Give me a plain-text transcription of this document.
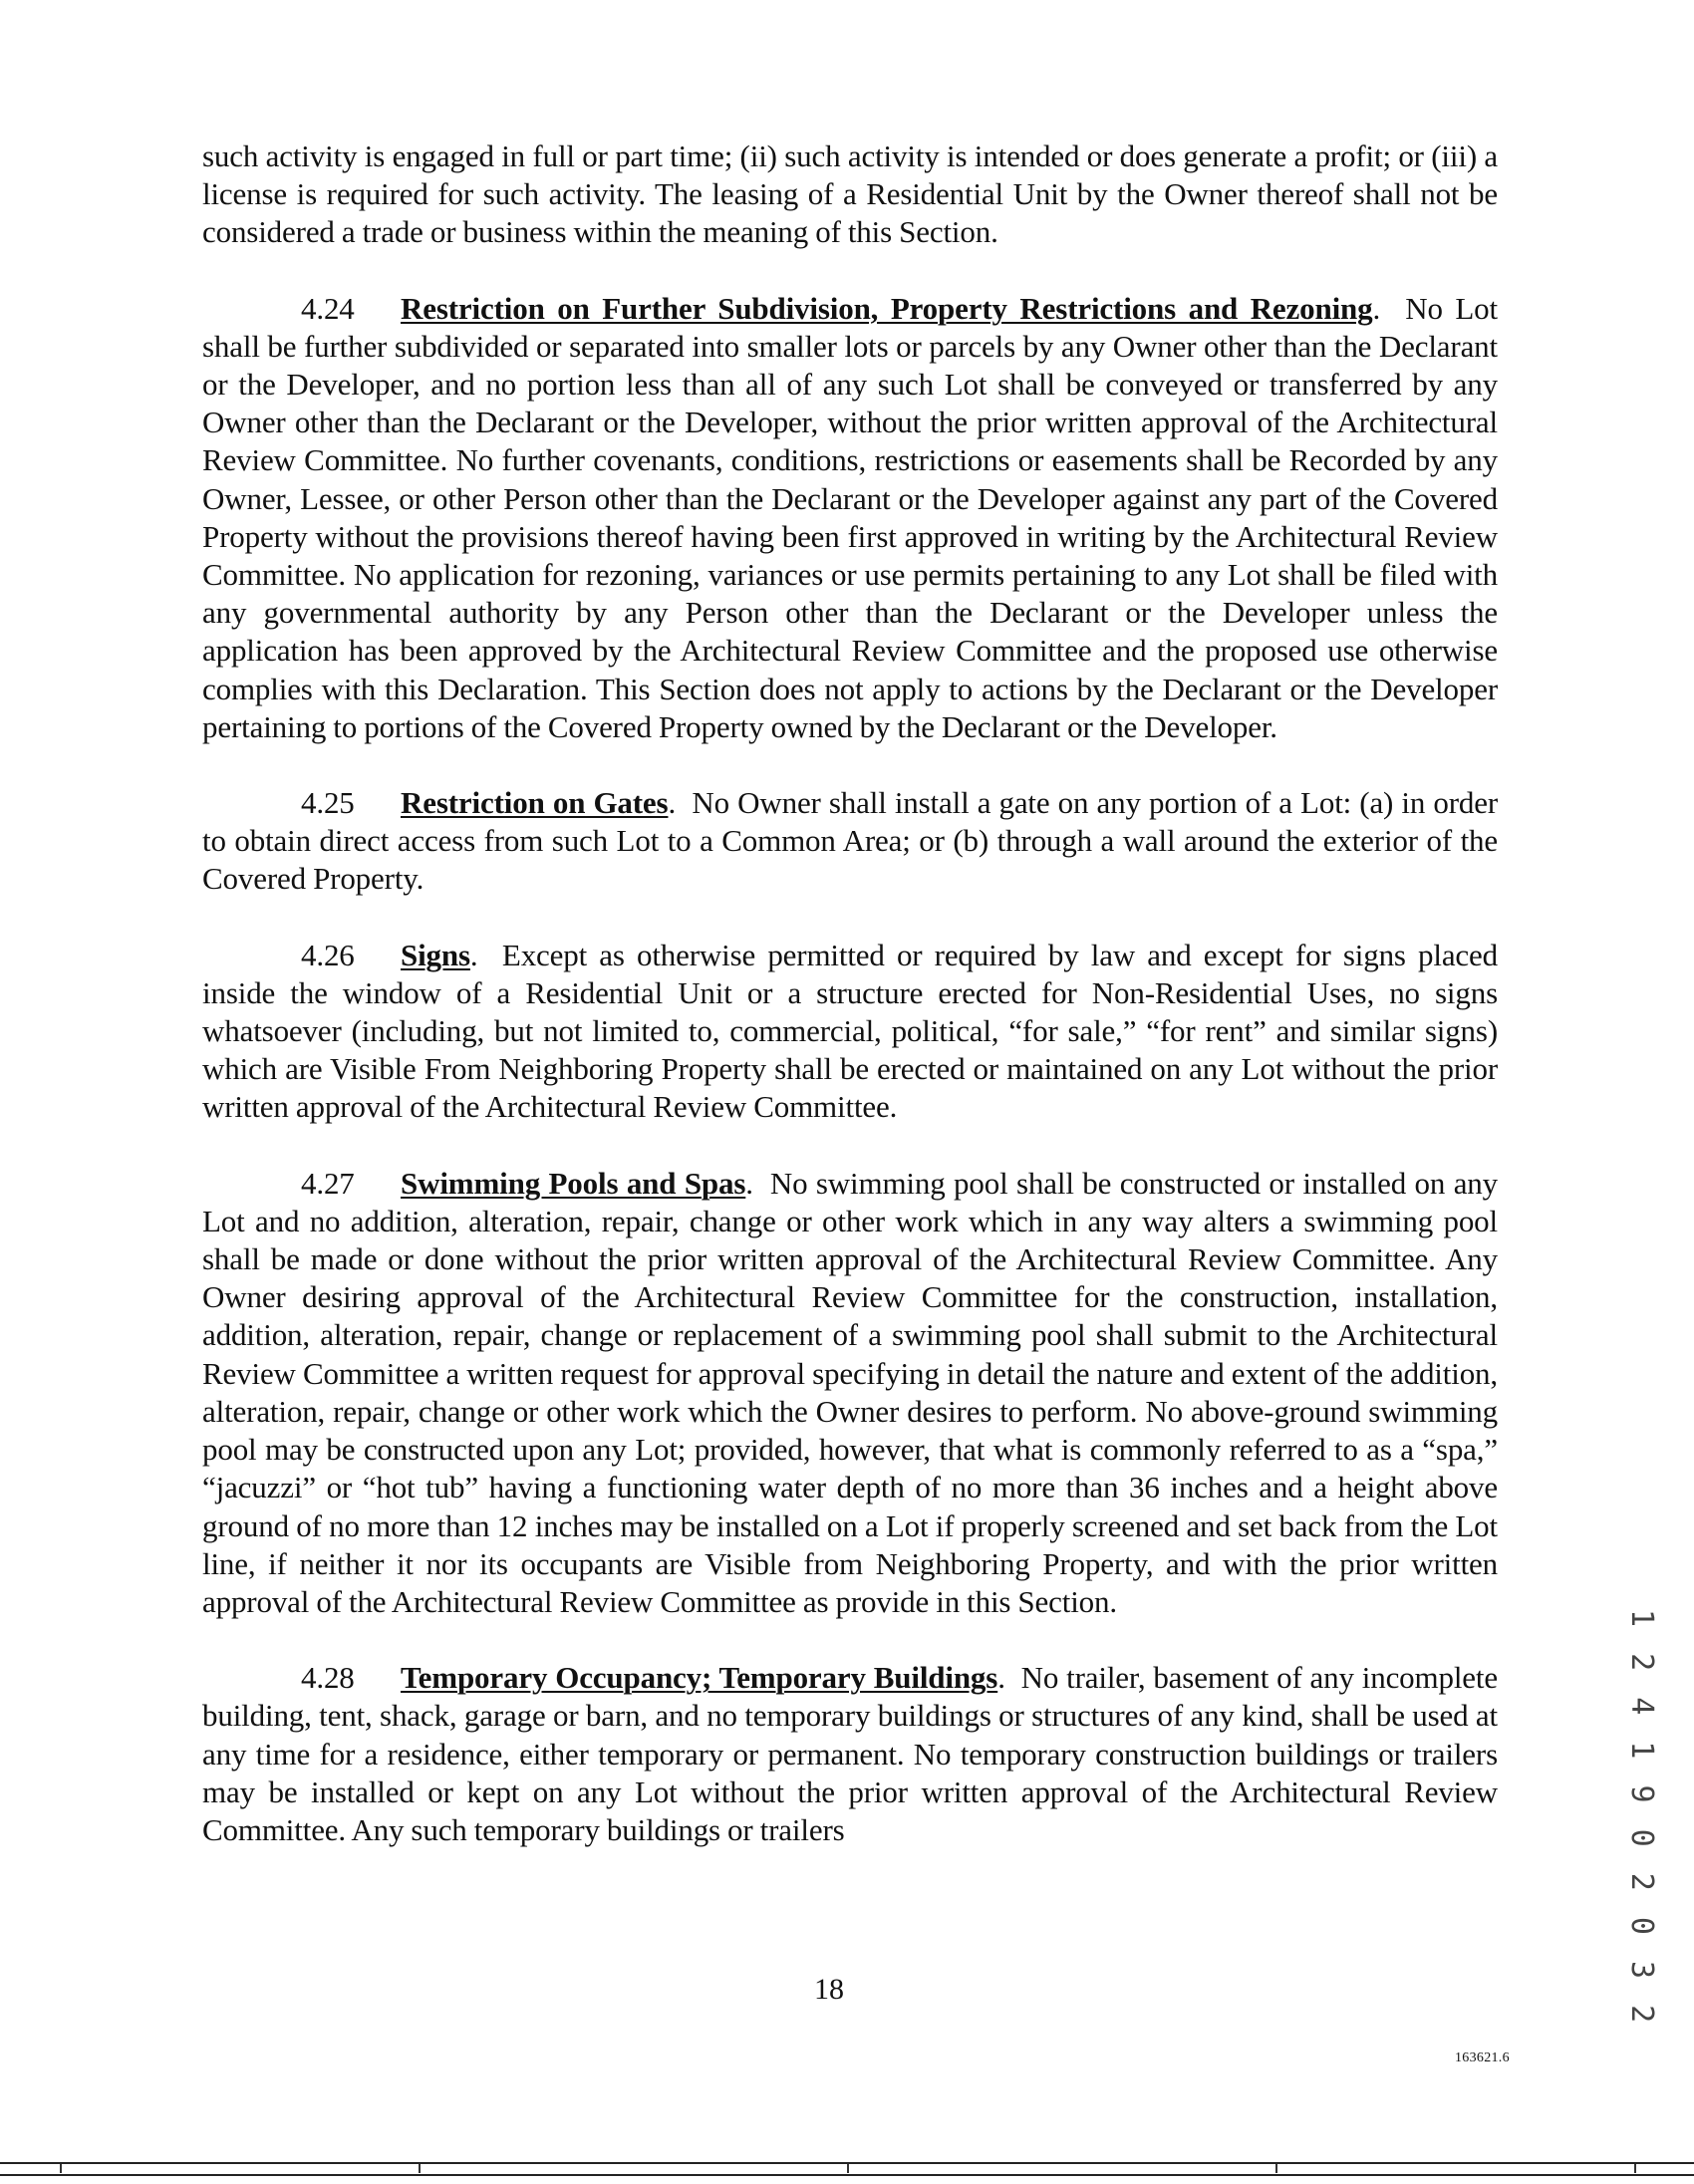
such activity is engaged in full or part time; (ii) such activity is intended or does generate a profit; or (iii) a license is required for such activity. The leasing of a Residential Unit by the Owner thereof shall not be considered a trade or business within the meaning of this Section.

4.24 Restriction on Further Subdivision, Property Restrictions and Rezoning. No Lot shall be further subdivided or separated into smaller lots or parcels by any Owner other than the Declarant or the Developer, and no portion less than all of any such Lot shall be conveyed or transferred by any Owner other than the Declarant or the Developer, without the prior written approval of the Architectural Review Committee. No further covenants, conditions, restrictions or easements shall be Recorded by any Owner, Lessee, or other Person other than the Declarant or the Developer against any part of the Covered Property without the provisions thereof having been first approved in writing by the Architectural Review Committee. No application for rezoning, variances or use permits pertaining to any Lot shall be filed with any governmental authority by any Person other than the Declarant or the Developer unless the application has been approved by the Architectural Review Committee and the proposed use otherwise complies with this Declaration. This Section does not apply to actions by the Declarant or the Developer pertaining to portions of the Covered Property owned by the Declarant or the Developer.

4.25 Restriction on Gates. No Owner shall install a gate on any portion of a Lot: (a) in order to obtain direct access from such Lot to a Common Area; or (b) through a wall around the exterior of the Covered Property.

4.26 Signs. Except as otherwise permitted or required by law and except for signs placed inside the window of a Residential Unit or a structure erected for Non-Residential Uses, no signs whatsoever (including, but not limited to, commercial, political, “for sale,” “for rent” and similar signs) which are Visible From Neighboring Property shall be erected or maintained on any Lot without the prior written approval of the Architectural Review Committee.

4.27 Swimming Pools and Spas. No swimming pool shall be constructed or installed on any Lot and no addition, alteration, repair, change or other work which in any way alters a swimming pool shall be made or done without the prior written approval of the Architectural Review Committee. Any Owner desiring approval of the Architectural Review Committee for the construction, installation, addition, alteration, repair, change or replacement of a swimming pool shall submit to the Architectural Review Committee a written request for approval specifying in detail the nature and extent of the addition, alteration, repair, change or other work which the Owner desires to perform. No above-ground swimming pool may be constructed upon any Lot; provided, however, that what is commonly referred to as a “spa,” “jacuzzi” or “hot tub” having a functioning water depth of no more than 36 inches and a height above ground of no more than 12 inches may be installed on a Lot if properly screened and set back from the Lot line, if neither it nor its occupants are Visible from Neighboring Property, and with the prior written approval of the Architectural Review Committee as provide in this Section.

4.28 Temporary Occupancy; Temporary Buildings. No trailer, basement of any incomplete building, tent, shack, garage or barn, and no temporary buildings or structures of any kind, shall be used at any time for a residence, either temporary or permanent. No temporary construction buildings or trailers may be installed or kept on any Lot without the prior written approval of the Architectural Review Committee. Any such temporary buildings or trailers	1 2 4 1 9 0 2 0 3 2
18
163621.6
